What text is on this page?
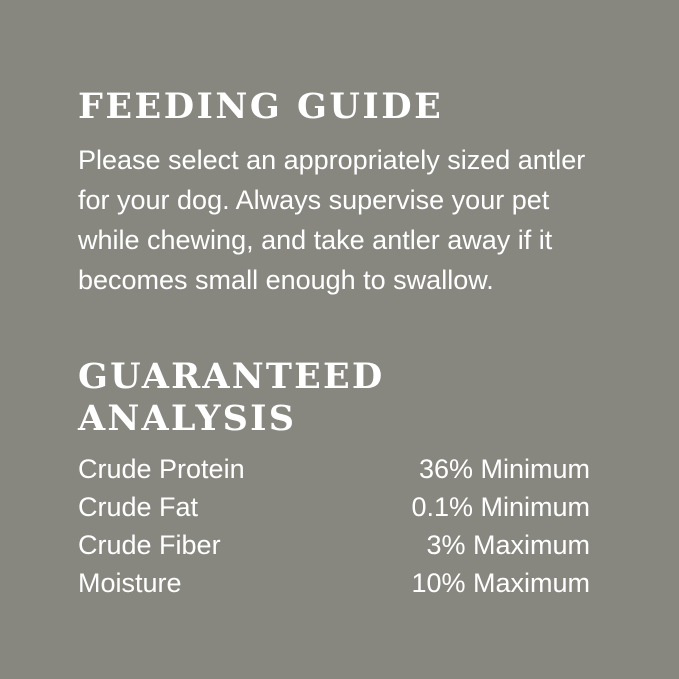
FEEDING GUIDE

Please select an appropriately sized antler for your dog. Always supervise your pet while chewing, and take antler away if it becomes small enough to swallow.

GUARANTEED ANALYSIS
Crude Protein	36% Minimum
Crude Fat	0.1% Minimum
Crude Fiber	3% Maximum
Moisture	10% Maximum
